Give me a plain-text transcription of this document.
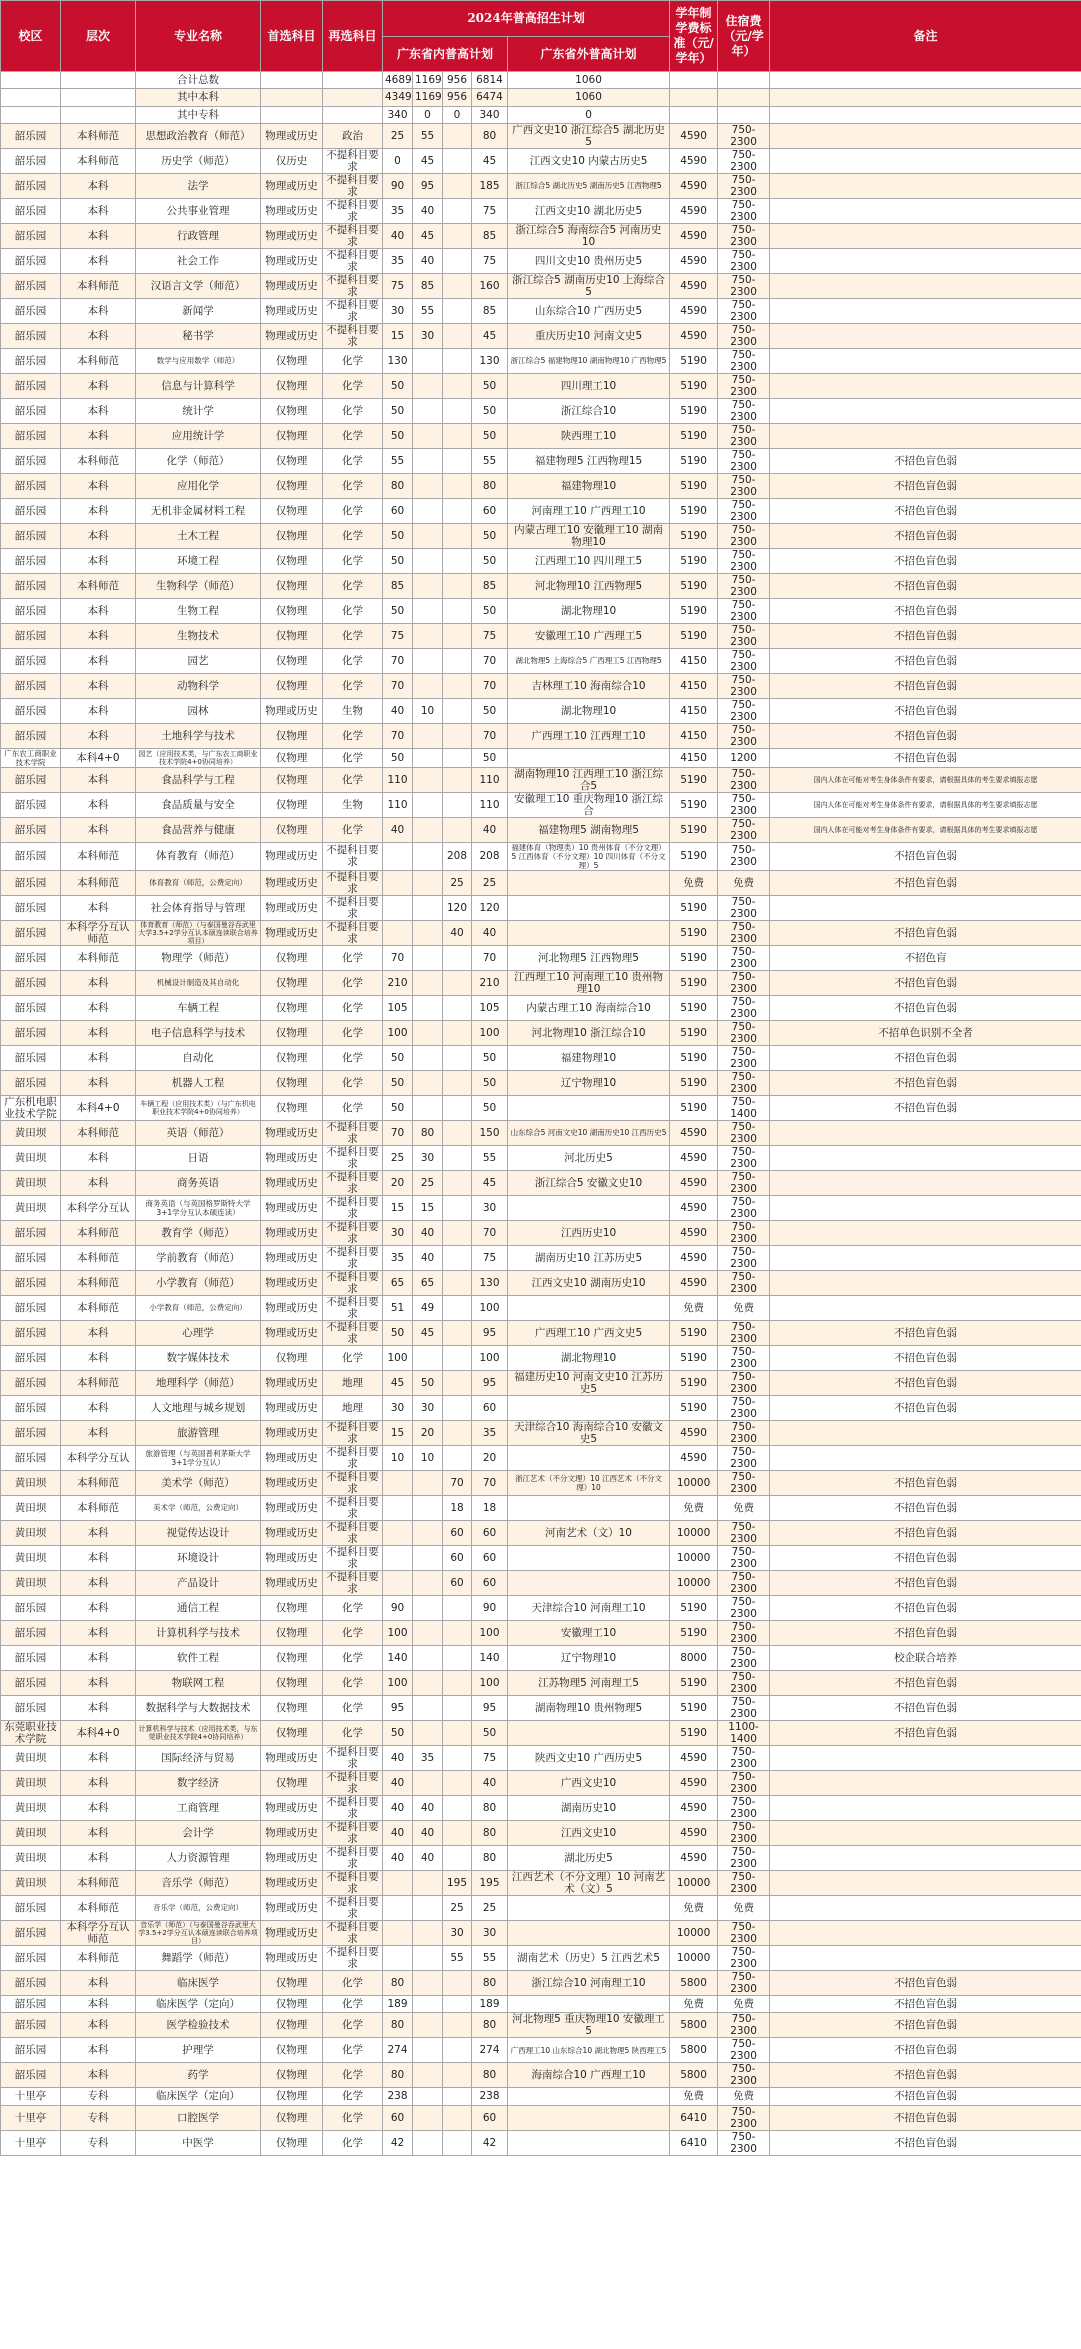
校区	层次	专业名称	首选科目	再选科目	2024年普高招生计划					学年制学费标准（元/学年）	住宿费（元/学年）	备注
					广东省内普高计划				广东省外普高计划			
		合计总数			4689	1169	956	6814	1060			
		其中本科			4349	1169	956	6474	1060			
		其中专科			340	0	0	340	0			
韶乐园	本科师范	思想政治教育（师范）	物理或历史	政治	25	55		80	广西文史10 浙江综合5 湖北历史5	4590	750-2300	
韶乐园	本科师范	历史学（师范）	仅历史	不提科目要求	0	45		45	江西文史10 内蒙古历史5	4590	750-2300	
韶乐园	本科	法学	物理或历史	不提科目要求	90	95		185	浙江综合5 湖北历史5 湖南历史5 江西物理5	4590	750-2300	
韶乐园	本科	公共事业管理	物理或历史	不提科目要求	35	40		75	江西文史10 湖北历史5	4590	750-2300	
韶乐园	本科	行政管理	物理或历史	不提科目要求	40	45		85	浙江综合5 海南综合5 河南历史10	4590	750-2300	
韶乐园	本科	社会工作	物理或历史	不提科目要求	35	40		75	四川文史10 贵州历史5	4590	750-2300	
韶乐园	本科师范	汉语言文学（师范）	物理或历史	不提科目要求	75	85		160	浙江综合5 湖南历史10 上海综合5	4590	750-2300	
韶乐园	本科	新闻学	物理或历史	不提科目要求	30	55		85	山东综合10 广西历史5	4590	750-2300	
韶乐园	本科	秘书学	物理或历史	不提科目要求	15	30		45	重庆历史10 河南文史5	4590	750-2300	
韶乐园	本科师范	数学与应用数学（师范）	仅物理	化学	130			130	浙江综合5 福建物理10 湖南物理10 广西物理5	5190	750-2300	
韶乐园	本科	信息与计算科学	仅物理	化学	50			50	四川理工10	5190	750-2300	
韶乐园	本科	统计学	仅物理	化学	50			50	浙江综合10	5190	750-2300	
韶乐园	本科	应用统计学	仅物理	化学	50			50	陕西理工10	5190	750-2300	
韶乐园	本科师范	化学（师范）	仅物理	化学	55			55	福建物理5 江西物理15	5190	750-2300	不招色盲色弱
韶乐园	本科	应用化学	仅物理	化学	80			80	福建物理10	5190	750-2300	不招色盲色弱
韶乐园	本科	无机非金属材料工程	仅物理	化学	60			60	河南理工10 广西理工10	5190	750-2300	不招色盲色弱
韶乐园	本科	土木工程	仅物理	化学	50			50	内蒙古理工10 安徽理工10 湖南物理10	5190	750-2300	不招色盲色弱
韶乐园	本科	环境工程	仅物理	化学	50			50	江西理工10 四川理工5	5190	750-2300	不招色盲色弱
韶乐园	本科师范	生物科学（师范）	仅物理	化学	85			85	河北物理10 江西物理5	5190	750-2300	不招色盲色弱
韶乐园	本科	生物工程	仅物理	化学	50			50	湖北物理10	5190	750-2300	不招色盲色弱
韶乐园	本科	生物技术	仅物理	化学	75			75	安徽理工10 广西理工5	5190	750-2300	不招色盲色弱
韶乐园	本科	园艺	仅物理	化学	70			70	湖北物理5 上海综合5 广西理工5 江西物理5	4150	750-2300	不招色盲色弱
韶乐园	本科	动物科学	仅物理	化学	70			70	吉林理工10 海南综合10	4150	750-2300	不招色盲色弱
韶乐园	本科	园林	物理或历史	生物	40	10		50	湖北物理10	4150	750-2300	不招色盲色弱
韶乐园	本科	土地科学与技术	仅物理	化学	70			70	广西理工10 江西理工10	4150	750-2300	不招色盲色弱
广东农工商职业技术学院	本科4+0	园艺（应用技术类，与广东农工商职业技术学院4+0协同培养）	仅物理	化学	50			50		4150	1200	不招色盲色弱
韶乐园	本科	食品科学与工程	仅物理	化学	110			110	湖南物理10 江西理工10 浙江综合5	5190	750-2300	国内人体在可能对考生身体条件有要求，请根据具体的考生要求填报志愿
韶乐园	本科	食品质量与安全	仅物理	生物	110			110	安徽理工10 重庆物理10 浙江综合	5190	750-2300	国内人体在可能对考生身体条件有要求，请根据具体的考生要求填报志愿
韶乐园	本科	食品营养与健康	仅物理	化学	40			40	福建物理5 湖南物理5	5190	750-2300	国内人体在可能对考生身体条件有要求，请根据具体的考生要求填报志愿
韶乐园	本科师范	体育教育（师范）	物理或历史	不提科目要求			208	208	福建体育（物理类）10 贵州体育（不分文理）5 江西体育（不分文理）10 四川体育（不分文理）5	5190	750-2300	不招色盲色弱
韶乐园	本科师范	体育教育（师范，公费定向）	物理或历史	不提科目要求			25	25		免费	免费	不招色盲色弱
韶乐园	本科	社会体育指导与管理	物理或历史	不提科目要求			120	120		5190	750-2300	
韶乐园	本科学分互认师范	体育教育（师范）（与泰国曼谷吞武里大学3.5+2学分互认本硕连读联合培养项目）	物理或历史	不提科目要求			40	40		5190	750-2300	不招色盲色弱
韶乐园	本科师范	物理学（师范）	仅物理	化学	70			70	河北物理5 江西物理5	5190	750-2300	不招色盲
韶乐园	本科	机械设计制造及其自动化	仅物理	化学	210			210	江西理工10 河南理工10 贵州物理10	5190	750-2300	不招色盲色弱
韶乐园	本科	车辆工程	仅物理	化学	105			105	内蒙古理工10 海南综合10	5190	750-2300	不招色盲色弱
韶乐园	本科	电子信息科学与技术	仅物理	化学	100			100	河北物理10 浙江综合10	5190	750-2300	不招单色识别不全者
韶乐园	本科	自动化	仅物理	化学	50			50	福建物理10	5190	750-2300	不招色盲色弱
韶乐园	本科	机器人工程	仅物理	化学	50			50	辽宁物理10	5190	750-2300	不招色盲色弱
广东机电职业技术学院	本科4+0	车辆工程（应用技术类）（与广东机电职业技术学院4+0协同培养）	仅物理	化学	50			50		5190	750-1400	不招色盲色弱
黄田坝	本科师范	英语（师范）	物理或历史	不提科目要求	70	80		150	山东综合5 河南文史10 湖南历史10 江西历史5	4590	750-2300	
黄田坝	本科	日语	物理或历史	不提科目要求	25	30		55	河北历史5	4590	750-2300	
黄田坝	本科	商务英语	物理或历史	不提科目要求	20	25		45	浙江综合5 安徽文史10	4590	750-2300	
黄田坝	本科学分互认	商务英语（与英国格罗斯特大学3+1学分互认本硕连读）	物理或历史	不提科目要求	15	15		30		4590	750-2300	
韶乐园	本科师范	教育学（师范）	物理或历史	不提科目要求	30	40		70	江西历史10	4590	750-2300	
韶乐园	本科师范	学前教育（师范）	物理或历史	不提科目要求	35	40		75	湖南历史10 江苏历史5	4590	750-2300	
韶乐园	本科师范	小学教育（师范）	物理或历史	不提科目要求	65	65		130	江西文史10 湖南历史10	4590	750-2300	
韶乐园	本科师范	小学教育（师范，公费定向）	物理或历史	不提科目要求	51	49		100		免费	免费	
韶乐园	本科	心理学	物理或历史	不提科目要求	50	45		95	广西理工10 广西文史5	5190	750-2300	不招色盲色弱
韶乐园	本科	数字媒体技术	仅物理	化学	100			100	湖北物理10	5190	750-2300	不招色盲色弱
韶乐园	本科师范	地理科学（师范）	物理或历史	地理	45	50		95	福建历史10 河南文史10 江苏历史5	5190	750-2300	不招色盲色弱
韶乐园	本科	人文地理与城乡规划	物理或历史	地理	30	30		60		5190	750-2300	不招色盲色弱
韶乐园	本科	旅游管理	物理或历史	不提科目要求	15	20		35	天津综合10 海南综合10 安徽文史5	4590	750-2300	
韶乐园	本科学分互认	旅游管理（与英国普利茅斯大学3+1学分互认）	物理或历史	不提科目要求	10	10		20		4590	750-2300	
黄田坝	本科师范	美术学（师范）	物理或历史	不提科目要求			70	70	浙江艺术（不分文理）10 江西艺术（不分文理）10	10000	750-2300	不招色盲色弱
黄田坝	本科师范	美术学（师范，公费定向）	物理或历史	不提科目要求			18	18		免费	免费	不招色盲色弱
黄田坝	本科	视觉传达设计	物理或历史	不提科目要求			60	60	河南艺术（文）10	10000	750-2300	不招色盲色弱
黄田坝	本科	环境设计	物理或历史	不提科目要求			60	60		10000	750-2300	不招色盲色弱
黄田坝	本科	产品设计	物理或历史	不提科目要求			60	60		10000	750-2300	不招色盲色弱
韶乐园	本科	通信工程	仅物理	化学	90			90	天津综合10 河南理工10	5190	750-2300	不招色盲色弱
韶乐园	本科	计算机科学与技术	仅物理	化学	100			100	安徽理工10	5190	750-2300	不招色盲色弱
韶乐园	本科	软件工程	仅物理	化学	140			140	辽宁物理10	8000	750-2300	校企联合培养
韶乐园	本科	物联网工程	仅物理	化学	100			100	江苏物理5 河南理工5	5190	750-2300	不招色盲色弱
韶乐园	本科	数据科学与大数据技术	仅物理	化学	95			95	湖南物理10 贵州物理5	5190	750-2300	不招色盲色弱
东莞职业技术学院	本科4+0	计算机科学与技术（应用技术类，与东莞职业技术学院4+0协同培养）	仅物理	化学	50			50		5190	1100-1400	不招色盲色弱
黄田坝	本科	国际经济与贸易	物理或历史	不提科目要求	40	35		75	陕西文史10 广西历史5	4590	750-2300	
黄田坝	本科	数字经济	仅物理	不提科目要求	40			40	广西文史10	4590	750-2300	
黄田坝	本科	工商管理	物理或历史	不提科目要求	40	40		80	湖南历史10	4590	750-2300	
黄田坝	本科	会计学	物理或历史	不提科目要求	40	40		80	江西文史10	4590	750-2300	
黄田坝	本科	人力资源管理	物理或历史	不提科目要求	40	40		80	湖北历史5	4590	750-2300	
黄田坝	本科师范	音乐学（师范）	物理或历史	不提科目要求			195	195	江西艺术（不分文理）10 河南艺术（文）5	10000	750-2300	
韶乐园	本科师范	音乐学（师范，公费定向）	物理或历史	不提科目要求			25	25		免费	免费	
韶乐园	本科学分互认师范	音乐学（师范）（与泰国曼谷吞武里大学3.5+2学分互认本硕连读联合培养项目）	物理或历史	不提科目要求			30	30		10000	750-2300	
韶乐园	本科师范	舞蹈学（师范）	物理或历史	不提科目要求			55	55	湖南艺术（历史）5 江西艺术5	10000	750-2300	
韶乐园	本科	临床医学	仅物理	化学	80			80	浙江综合10 河南理工10	5800	750-2300	不招色盲色弱
韶乐园	本科	临床医学（定向）	仅物理	化学	189			189		免费	免费	不招色盲色弱
韶乐园	本科	医学检验技术	仅物理	化学	80			80	河北物理5 重庆物理10 安徽理工5	5800	750-2300	不招色盲色弱
韶乐园	本科	护理学	仅物理	化学	274			274	广西理工10 山东综合10 湖北物理5 陕西理工5	5800	750-2300	不招色盲色弱
韶乐园	本科	药学	仅物理	化学	80			80	海南综合10 广西理工10	5800	750-2300	不招色盲色弱
十里亭	专科	临床医学（定向）	仅物理	化学	238			238		免费	免费	不招色盲色弱
十里亭	专科	口腔医学	仅物理	化学	60			60		6410	750-2300	不招色盲色弱
十里亭	专科	中医学	仅物理	化学	42			42		6410	750-2300	不招色盲色弱
